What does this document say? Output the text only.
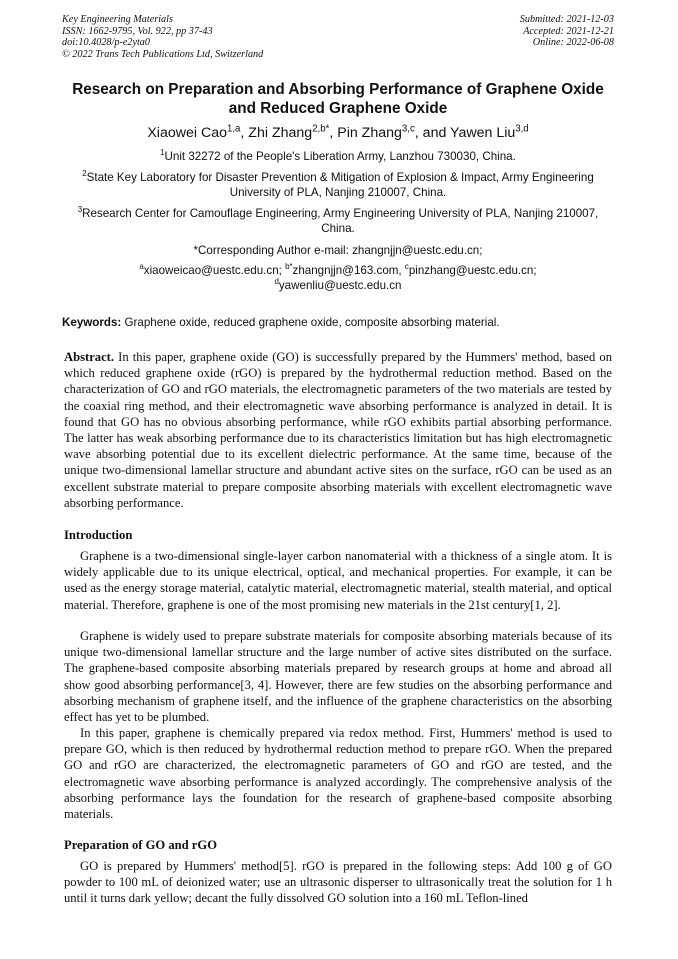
Key Engineering Materials
ISSN: 1662-9795, Vol. 922, pp 37-43
doi:10.4028/p-e2yta0
© 2022 Trans Tech Publications Ltd, Switzerland
Submitted: 2021-12-03
Accepted: 2021-12-21
Online: 2022-06-08
Research on Preparation and Absorbing Performance of Graphene Oxide and Reduced Graphene Oxide
Xiaowei Cao$^{1,a}$, Zhi Zhang$^{2,b*}$, Pin Zhang$^{3,c}$, and Yawen Liu$^{3,d}$
$^1$Unit 32272 of the People's Liberation Army, Lanzhou 730030, China.
$^2$State Key Laboratory for Disaster Prevention & Mitigation of Explosion & Impact, Army Engineering University of PLA, Nanjing 210007, China.
$^3$Research Center for Camouflage Engineering, Army Engineering University of PLA, Nanjing 210007, China.
*Corresponding Author e-mail: zhangnjjn@uestc.edu.cn;
$^a$xiaoweicao@uestc.edu.cn; $^{b*}$zhangnjjn@163.com, $^c$pinzhang@uestc.edu.cn;
$^d$yawenliu@uestc.edu.cn
Keywords: Graphene oxide, reduced graphene oxide, composite absorbing material.
Abstract. In this paper, graphene oxide (GO) is successfully prepared by the Hummers' method, based on which reduced graphene oxide (rGO) is prepared by the hydrothermal reduction method. Based on the characterization of GO and rGO materials, the electromagnetic parameters of the two materials are tested by the coaxial ring method, and their electromagnetic wave absorbing performance is analyzed in detail. It is found that GO has no obvious absorbing performance, while rGO exhibits partial absorbing performance. The latter has weak absorbing performance due to its characteristics limitation but has high electromagnetic wave absorbing potential due to its excellent dielectric performance. At the same time, because of the unique two-dimensional lamellar structure and abundant active sites on the surface, rGO can be used as an excellent substrate material to prepare composite absorbing materials with excellent electromagnetic wave absorbing performance.
Introduction
Graphene is a two-dimensional single-layer carbon nanomaterial with a thickness of a single atom. It is widely applicable due to its unique electrical, optical, and mechanical properties. For example, it can be used as the energy storage material, catalytic material, electromagnetic material, stealth material, and optical material. Therefore, graphene is one of the most promising new materials in the 21st century[1, 2].
Graphene is widely used to prepare substrate materials for composite absorbing materials because of its unique two-dimensional lamellar structure and the large number of active sites distributed on the surface. The graphene-based composite absorbing materials prepared by research groups at home and abroad all show good absorbing performance[3, 4]. However, there are few studies on the absorbing performance and absorbing mechanism of graphene itself, and the influence of the graphene characteristics on the absorbing effect has yet to be plumbed.
In this paper, graphene is chemically prepared via redox method. First, Hummers' method is used to prepare GO, which is then reduced by hydrothermal reduction method to prepare rGO. When the prepared GO and rGO are characterized, the electromagnetic parameters of GO and rGO are tested, and the electromagnetic wave absorbing performance is analyzed accordingly. The comprehensive analysis of the absorbing performance lays the foundation for the research of graphene-based composite absorbing materials.
Preparation of GO and rGO
GO is prepared by Hummers' method[5]. rGO is prepared in the following steps: Add 100 g of GO powder to 100 mL of deionized water; use an ultrasonic disperser to ultrasonically treat the solution for 1 h until it turns dark yellow; decant the fully dissolved GO solution into a 160 mL Teflon-lined
